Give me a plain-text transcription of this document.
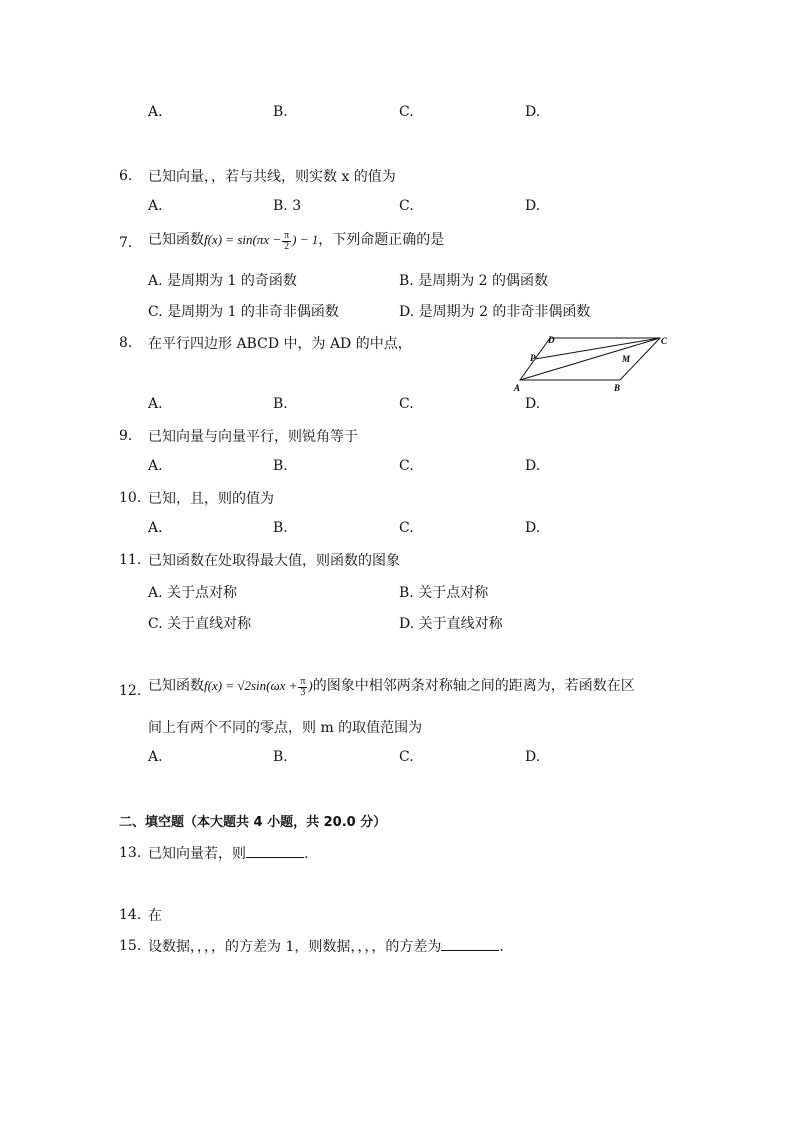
A.	B.	C.	D.
6. 已知向量，，若与共线，则实数 x 的值为
A.	B. 3	C.	D.
7. 已知函数$f(x) = \sin(\pi x - \frac{\pi}{2}$ ) − 1，下列命题正确的是
A. 是周期为 1 的奇函数	B. 是周期为 2 的偶函数
C. 是周期为 1 的非奇非偶函数	D. 是周期为 2 的非奇非偶函数
8. 在平行四边形 ABCD 中，为 AD 的中点，	D	C
P	M
A	B
A.	B.	C.	D.
9. 已知向量与向量平行，则锐角等于
A.	B.	C.	D.
10. 已知，且，则的值为
A.	B.	C.	D.
11. 已知函数在处取得最大值，则函数的图象
A. 关于点对称	B. 关于点对称
C. 关于直线对称	D. 关于直线对称
12. 已知函数$f(x) = √2\sin(\omega x + \frac{\pi}{3}$ )的图象中相邻两条对称轴之间的距离为，若函数在区
间上有两个不同的零点，则 m 的取值范围为
A.	B.	C.	D.
二、填空题（本大题共 4 小题，共 20.0 分）
13. 已知向量若，则	.
14. 在
15. 设数据，，，，的方差为 1，则数据，，，，的方差为	.
